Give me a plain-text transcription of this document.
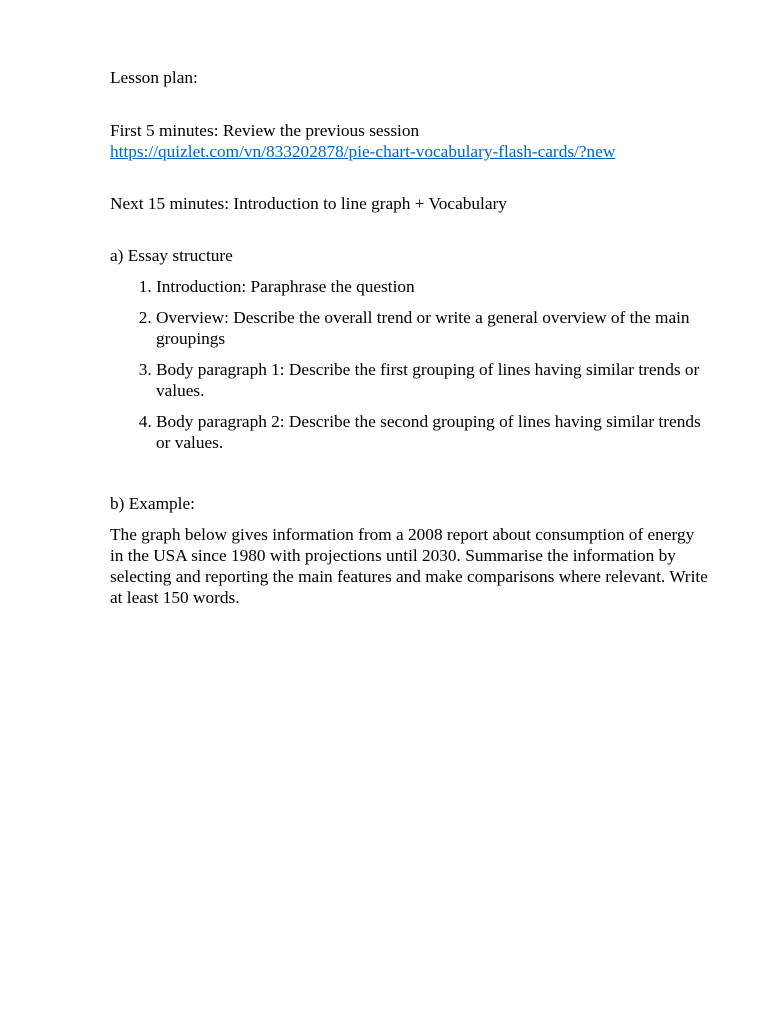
Lesson plan:

First 5 minutes: Review the previous session

https://quizlet.com/vn/833202878/pie-chart-vocabulary-flash-cards/?new

Next 15 minutes: Introduction to line graph + Vocabulary

a) Essay structure

1. Introduction: Paraphrase the question
2. Overview: Describe the overall trend or write a general overview of the main groupings
3. Body paragraph 1: Describe the first grouping of lines having similar trends or values.
4. Body paragraph 2: Describe the second grouping of lines having similar trends or values.

b) Example:

The graph below gives information from a 2008 report about consumption of energy in the USA since 1980 with projections until 2030. Summarise the information by selecting and reporting the main features and make comparisons where relevant. Write at least 150 words.
